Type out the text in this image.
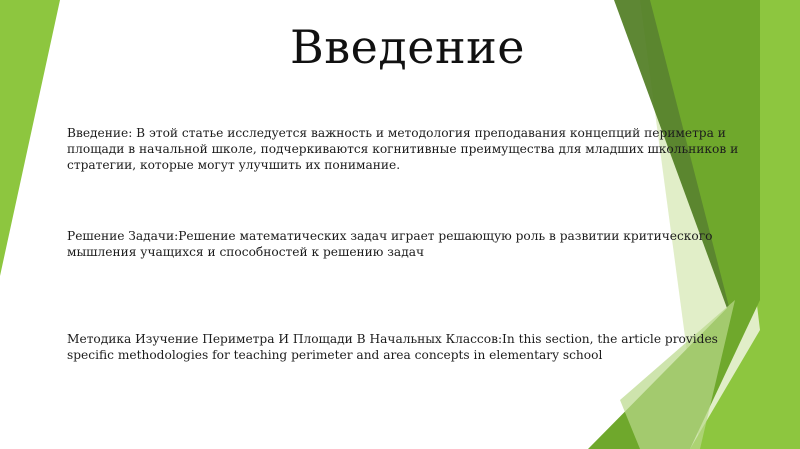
Введение
Введение: В этой статье исследуется важность и методология преподавания концепций периметра и площади в начальной школе, подчеркиваются когнитивные преимущества для младших школьников и стратегии, которые могут улучшить их понимание.
Решение Задачи:Решение математических задач играет решающую роль в развитии критического мышления учащихся и способностей к решению задач
Методика Изучение Периметра И Площади В Начальных Классов:In this section, the article provides specific methodologies for teaching perimeter and area concepts in elementary school
